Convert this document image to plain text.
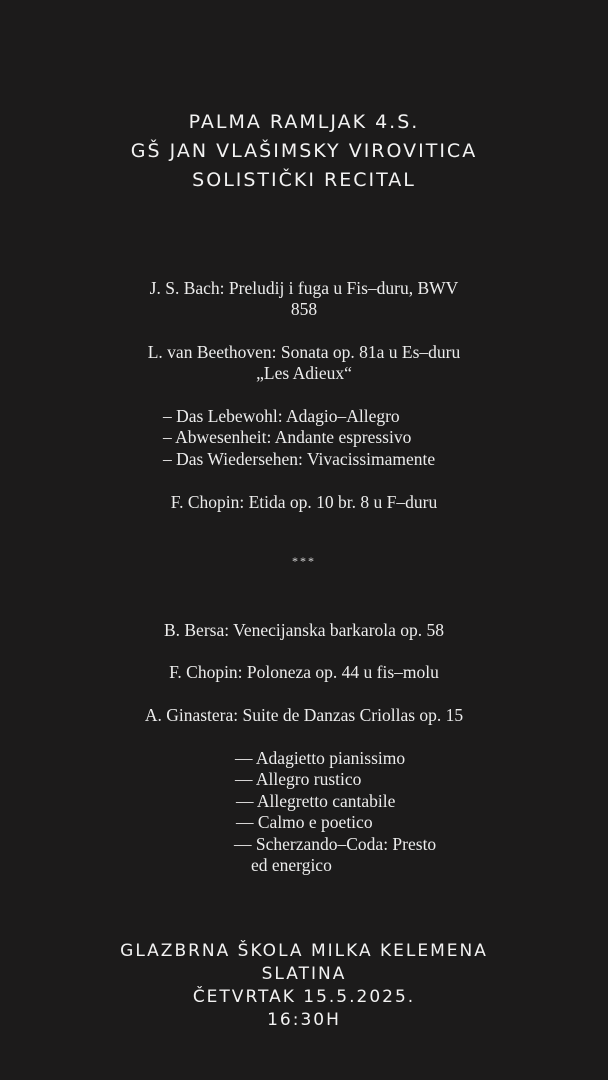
PALMA RAMLJAK 4.S.
GŠ JAN VLAŠIMSKY VIROVITICA
SOLISTIČKI RECITAL
J. S. Bach: Preludij i fuga u Fis–duru, BWV
858
L. van Beethoven: Sonata op. 81a u Es–duru
„Les Adieux“
– Das Lebewohl: Adagio–Allegro
– Abwesenheit: Andante espressivo
– Das Wiedersehen: Vivacissimamente
F. Chopin: Etida op. 10 br. 8 u F–duru
***
B. Bersa: Venecijanska barkarola op. 58
F. Chopin: Poloneza op. 44 u fis–molu
A. Ginastera: Suite de Danzas Criollas op. 15
— Adagietto pianissimo
— Allegro rustico
— Allegretto cantabile
— Calmo e poetico
— Scherzando–Coda: Presto
ed energico
GLAZBRNA ŠKOLA MILKA KELEMENA
SLATINA
ČETVRTAK 15.5.2025.
16:30H
